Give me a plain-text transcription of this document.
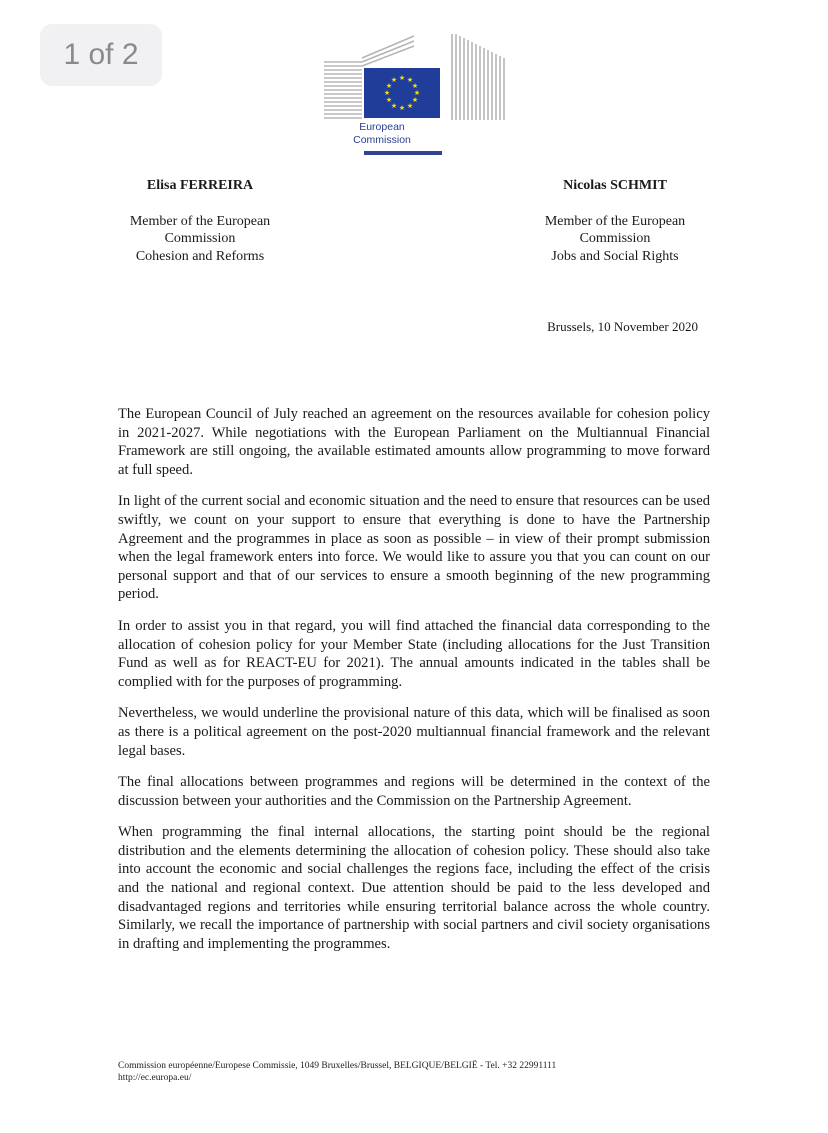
1 of 2
★ ★
★
★
★
★
★
★
★
★
★
★
European
Commission
Elisa FERREIRA
Member of the European
Commission
Cohesion and Reforms
Nicolas SCHMIT
Member of the European
Commission
Jobs and Social Rights
Brussels, 10 November 2020

The European Council of July reached an agreement on the resources available for cohesion policy in 2021-2027. While negotiations with the European Parliament on the Multiannual Financial Framework are still ongoing, the available estimated amounts allow programming to move forward at full speed.

In light of the current social and economic situation and the need to ensure that resources can be used swiftly, we count on your support to ensure that everything is done to have the Partnership Agreement and the programmes in place as soon as possible – in view of their prompt submission when the legal framework enters into force. We would like to assure you that you can count on our personal support and that of our services to ensure a smooth beginning of the new programming period.

In order to assist you in that regard, you will find attached the financial data corresponding to the allocation of cohesion policy for your Member State (including allocations for the Just Transition Fund as well as for REACT-EU for 2021). The annual amounts indicated in the tables shall be complied with for the purposes of programming.

Nevertheless, we would underline the provisional nature of this data, which will be finalised as soon as there is a political agreement on the post-2020 multiannual financial framework and the relevant legal bases.

The final allocations between programmes and regions will be determined in the context of the discussion between your authorities and the Commission on the Partnership Agreement.

When programming the final internal allocations, the starting point should be the regional distribution and the elements determining the allocation of cohesion policy. These should also take into account the economic and social challenges the regions face, including the effect of the crisis and the national and regional context. Due attention should be paid to the less developed and disadvantaged regions and territories while ensuring territorial balance across the whole country. Similarly, we recall the importance of partnership with social partners and civil society organisations in drafting and implementing the programmes.

Commission européenne/Europese Commissie, 1049 Bruxelles/Brussel, BELGIQUE/BELGIË - Tel. +32 22991111
http://ec.europa.eu/
